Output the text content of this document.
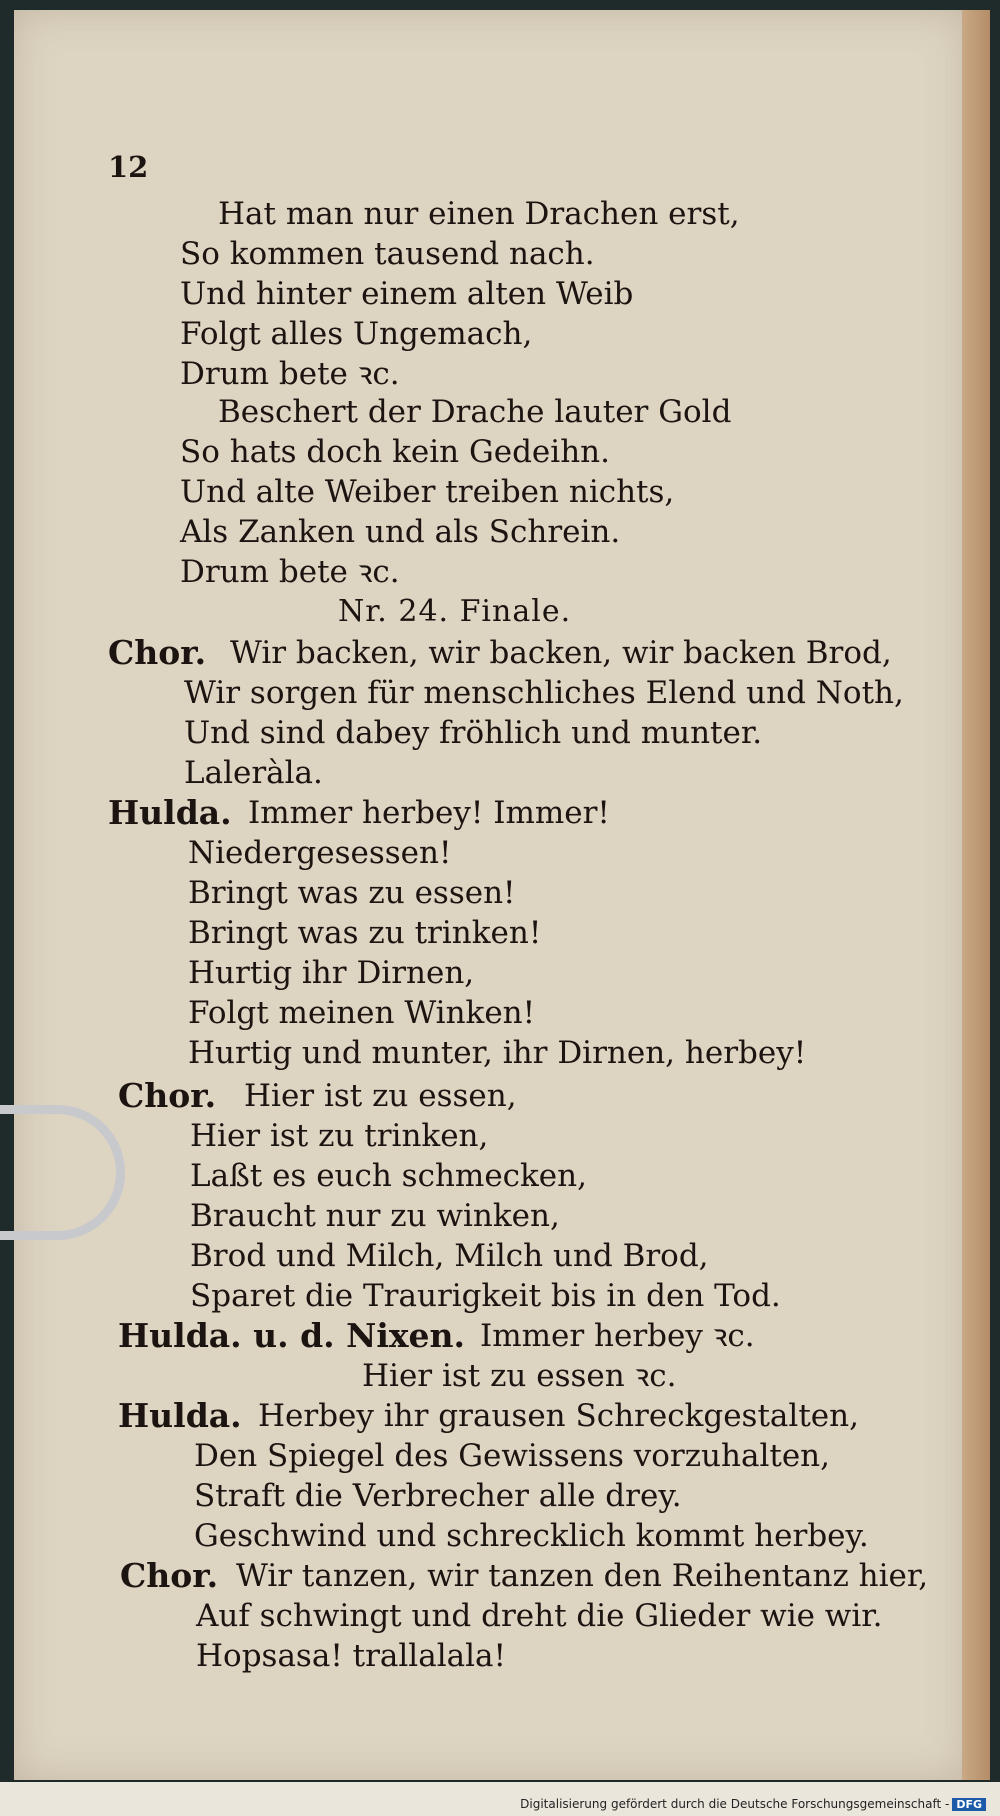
12
Hat man nur einen Drachen erst,
So kommen tausend nach.
Und hinter einem alten Weib
Folgt alles Ungemach,
Drum bete ꝛc.
Beschert der Drache lauter Gold
So hats doch kein Gedeihn.
Und alte Weiber treiben nichts,
Als Zanken und als Schrein.
Drum bete ꝛc.
Nr. 24. Finale.
Chor. Wir backen, wir backen, wir backen Brod,
Wir sorgen für menschliches Elend und Noth,
Und sind dabey fröhlich und munter.
Laleràla.
Hulda. Immer herbey! Immer!
Niedergesessen!
Bringt was zu essen!
Bringt was zu trinken!
Hurtig ihr Dirnen,
Folgt meinen Winken!
Hurtig und munter, ihr Dirnen, herbey!
Chor. Hier ist zu essen,
Hier ist zu trinken,
Laßt es euch schmecken,
Braucht nur zu winken,
Brod und Milch, Milch und Brod,
Sparet die Traurigkeit bis in den Tod.
Hulda. u. d. Nixen. Immer herbey ꝛc.
Hier ist zu essen ꝛc.
Hulda. Herbey ihr grausen Schreckgestalten,
Den Spiegel des Gewissens vorzuhalten,
Straft die Verbrecher alle drey.
Geschwind und schrecklich kommt herbey.
Chor. Wir tanzen, wir tanzen den Reihentanz hier,
Auf schwingt und dreht die Glieder wie wir.
Hopsasa! trallalala!
Digitalisierung gefördert durch die Deutsche Forschungsgemeinschaft - DFG
